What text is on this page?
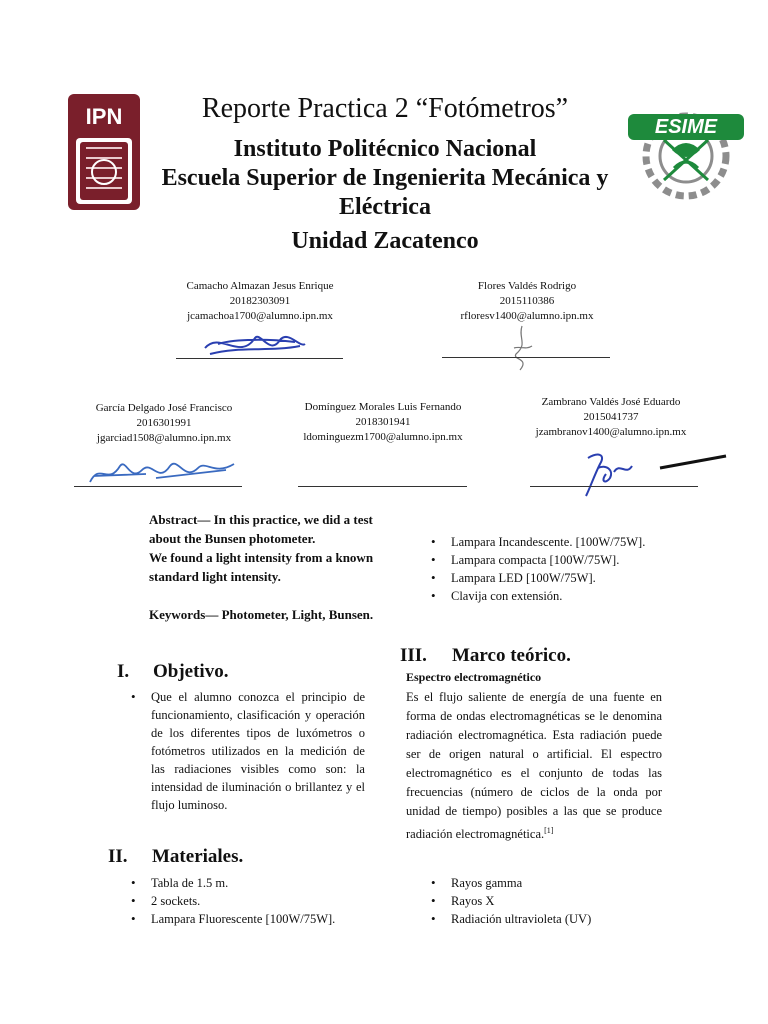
IPN	ESIME
Reporte Practica 2 “Fotómetros”
Instituto Politécnico Nacional
Escuela Superior de Ingenierita Mecánica y Eléctrica
Unidad Zacatenco
Camacho Almazan Jesus Enrique
20182303091
jcamachoa1700@alumno.ipn.mx
Flores Valdés Rodrigo
2015110386
rfloresv1400@alumno.ipn.mx
García Delgado José Francisco
2016301991
jgarciad1508@alumno.ipn.mx
Domínguez Morales Luis Fernando
2018301941
ldominguezm1700@alumno.ipn.mx
Zambrano Valdés José Eduardo
2015041737
jzambranov1400@alumno.ipn.mx

Abstract— In this practice, we did a test about the Bunsen photometer.

We found a light intensity from a known standard light intensity.

Keywords— Photometer, Light, Bunsen.

I. Objetivo.
• Que el alumno conozca el principio de funcionamiento, clasificación y operación de los diferentes tipos de luxómetros o fotómetros utilizados en la medición de las radiaciones visibles como son: la intensidad de iluminación o brillantez y el flujo luminoso.
II. Materiales.
• Tabla de 1.5 m.
• 2 sockets.
• Lampara Fluorescente [100W/75W].
• Lampara Incandescente. [100W/75W].
• Lampara compacta [100W/75W].
• Lampara LED [100W/75W].
• Clavija con extensión.
III. Marco teórico.
Espectro electromagnético
Es el flujo saliente de energía de una fuente en forma de ondas electromagnéticas se le denomina radiación electromagnética. Esta radiación puede ser de origen natural o artificial. El espectro electromagnético es el conjunto de todas las frecuencias (número de ciclos de la onda por unidad de tiempo) posibles a las que se produce radiación electromagnética.[1]
• Rayos gamma
• Rayos X
• Radiación ultravioleta (UV)
